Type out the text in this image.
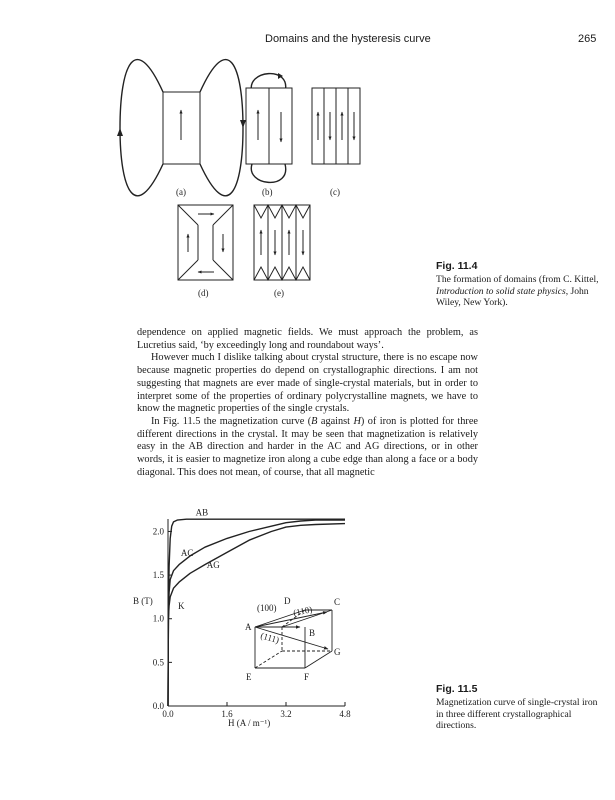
Domains and the hysteresis curve	265
(a)	(b)	(c)
(d)	(e)
Fig. 11.4
The formation of domains (from C. Kittel, Introduction to solid state physics, John Wiley, New York).

dependence on applied magnetic fields. We must approach the problem, as Lucretius said, ‘by exceedingly long and roundabout ways’.

However much I dislike talking about crystal structure, there is no escape now because magnetic properties do depend on crystallographic directions. I am not suggesting that magnets are ever made of single-crystal materials, but in order to interpret some of the properties of ordinary polycrystalline magnets, we have to know the magnetic properties of the single crystals.

In Fig. 11.5 the magnetization curve (B against H) of iron is plotted for three different directions in the crystal. It may be seen that magnetization is relatively easy in the AB direction and harder in the AC and AG directions, or in other words, it is easier to magnetize iron along a cube edge than along a face or a body diagonal. This does not mean, of course, that all magnetic

0.0	1.6	3.2	4.8
0.0
0.5
1.0
1.5
2.0
AB
AC
AG
A
B
C
D
E	F
G
(100) (110)
(111)
K
B (T)
H (A / m⁻¹)
Fig. 11.5
Magnetization curve of single-crystal iron in three different crystallographical directions.
